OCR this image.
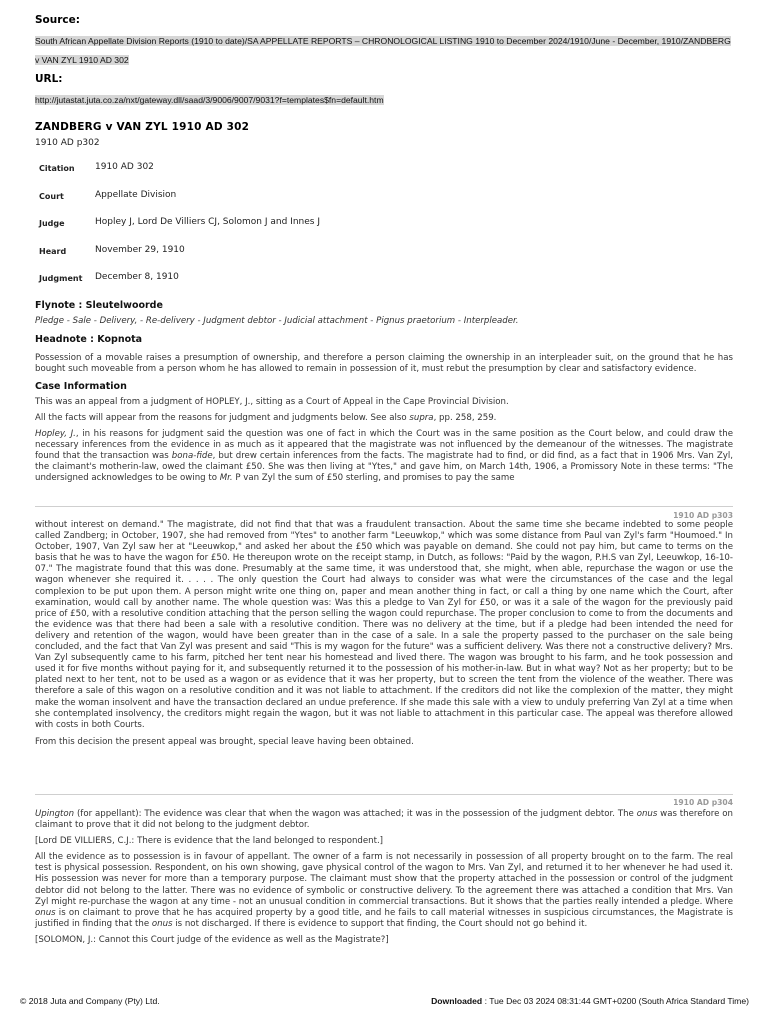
Source:

South African Appellate Division Reports (1910 to date)/SA APPELLATE REPORTS – CHRONOLOGICAL LISTING 1910 to December 2024/1910/June - December, 1910/ZANDBERG v VAN ZYL 1910 AD 302

URL:

http://jutastat.juta.co.za/nxt/gateway.dll/saad/3/9006/9007/9031?f=templates$fn=default.htm
ZANDBERG v VAN ZYL 1910 AD 302
1910 AD p302
Citation	1910 AD 302
Court	Appellate Division
Judge	Hopley J, Lord De Villiers CJ, Solomon J and Innes J
Heard	November 29, 1910
Judgment	December 8, 1910
Flynote : Sleutelwoorde

Pledge - Sale - Delivery, - Re-delivery - Judgment debtor - Judicial attachment - Pignus praetorium - Interpleader.

Headnote : Kopnota

Possession of a movable raises a presumption of ownership, and therefore a person claiming the ownership in an interpleader suit, on the ground that he has bought such moveable from a person whom he has allowed to remain in possession of it, must rebut the presumption by clear and satisfactory evidence.

Case Information

This was an appeal from a judgment of HOPLEY, J., sitting as a Court of Appeal in the Cape Provincial Division.

All the facts will appear from the reasons for judgment and judgments below. See also supra, pp. 258, 259.

Hopley, J., in his reasons for judgment said the question was one of fact in which the Court was in the same position as the Court below, and could draw the necessary inferences from the evidence in as much as it appeared that the magistrate was not influenced by the demeanour of the witnesses. The magistrate found that the transaction was bona-fide, but drew certain inferences from the facts. The magistrate had to find, or did find, as a fact that in 1906 Mrs. Van Zyl, the claimant's motherin-law, owed the claimant £50. She was then living at "Ytes," and gave him, on March 14th, 1906, a Promissory Note in these terms: "The undersigned acknowledges to be owing to Mr. P van Zyl the sum of £50 sterling, and promises to pay the same

1910 AD p303

without interest on demand." The magistrate, did not find that that was a fraudulent transaction. About the same time she became indebted to some people called Zandberg; in October, 1907, she had removed from "Ytes" to another farm "Leeuwkop," which was some distance from Paul van Zyl's farm "Houmoed." In October, 1907, Van Zyl saw her at "Leeuwkop," and asked her about the £50 which was payable on demand. She could not pay him, but came to terms on the basis that he was to have the wagon for £50. He thereupon wrote on the receipt stamp, in Dutch, as follows: "Paid by the wagon, P.H.S van Zyl, Leeuwkop, 16-10-07." The magistrate found that this was done. Presumably at the same time, it was understood that, she might, when able, repurchase the wagon or use the wagon whenever she required it. . . . . The only question the Court had always to consider was what were the circumstances of the case and the legal complexion to be put upon them. A person might write one thing on, paper and mean another thing in fact, or call a thing by one name which the Court, after examination, would call by another name. The whole question was: Was this a pledge to Van Zyl for £50, or was it a sale of the wagon for the previously paid price of £50, with a resolutive condition attaching that the person selling the wagon could repurchase. The proper conclusion to come to from the documents and the evidence was that there had been a sale with a resolutive condition. There was no delivery at the time, but if a pledge had been intended the need for delivery and retention of the wagon, would have been greater than in the case of a sale. In a sale the property passed to the purchaser on the sale being concluded, and the fact that Van Zyl was present and said "This is my wagon for the future" was a sufficient delivery. Was there not a constructive delivery? Mrs. Van Zyl subsequently came to his farm, pitched her tent near his homestead and lived there. The wagon was brought to his farm, and he took possession and used it for five months without paying for it, and subsequently returned it to the possession of his mother-in-law. But in what way? Not as her property; but to be plated next to her tent, not to be used as a wagon or as evidence that it was her property, but to screen the tent from the violence of the weather. There was therefore a sale of this wagon on a resolutive condition and it was not liable to attachment. If the creditors did not like the complexion of the matter, they might make the woman insolvent and have the transaction declared an undue preference. If she made this sale with a view to unduly preferring Van Zyl at a time when she contemplated insolvency, the creditors might regain the wagon, but it was not liable to attachment in this particular case. The appeal was therefore allowed with costs in both Courts.

From this decision the present appeal was brought, special leave having been obtained.

1910 AD p304

Upington (for appellant): The evidence was clear that when the wagon was attached; it was in the possession of the judgment debtor. The onus was therefore on claimant to prove that it did not belong to the judgment debtor.

[Lord DE VILLIERS, C.J.: There is evidence that the land belonged to respondent.]

All the evidence as to possession is in favour of appellant. The owner of a farm is not necessarily in possession of all property brought on to the farm. The real test is physical possession. Respondent, on his own showing, gave physical control of the wagon to Mrs. Van Zyl, and returned it to her whenever he had used it. His possession was never for more than a temporary purpose. The claimant must show that the property attached in the possession or control of the judgment debtor did not belong to the latter. There was no evidence of symbolic or constructive delivery. To the agreement there was attached a condition that Mrs. Van Zyl might re-purchase the wagon at any time - not an unusual condition in commercial transactions. But it shows that the parties really intended a pledge. Where onus is on claimant to prove that he has acquired property by a good title, and he fails to call material witnesses in suspicious circumstances, the Magistrate is justified in finding that the onus is not discharged. If there is evidence to support that finding, the Court should not go behind it.

[SOLOMON, J.: Cannot this Court judge of the evidence as well as the Magistrate?]

© 2018 Juta and Company (Pty) Ltd.	Downloaded : Tue Dec 03 2024 08:31:44 GMT+0200 (South Africa Standard Time)
